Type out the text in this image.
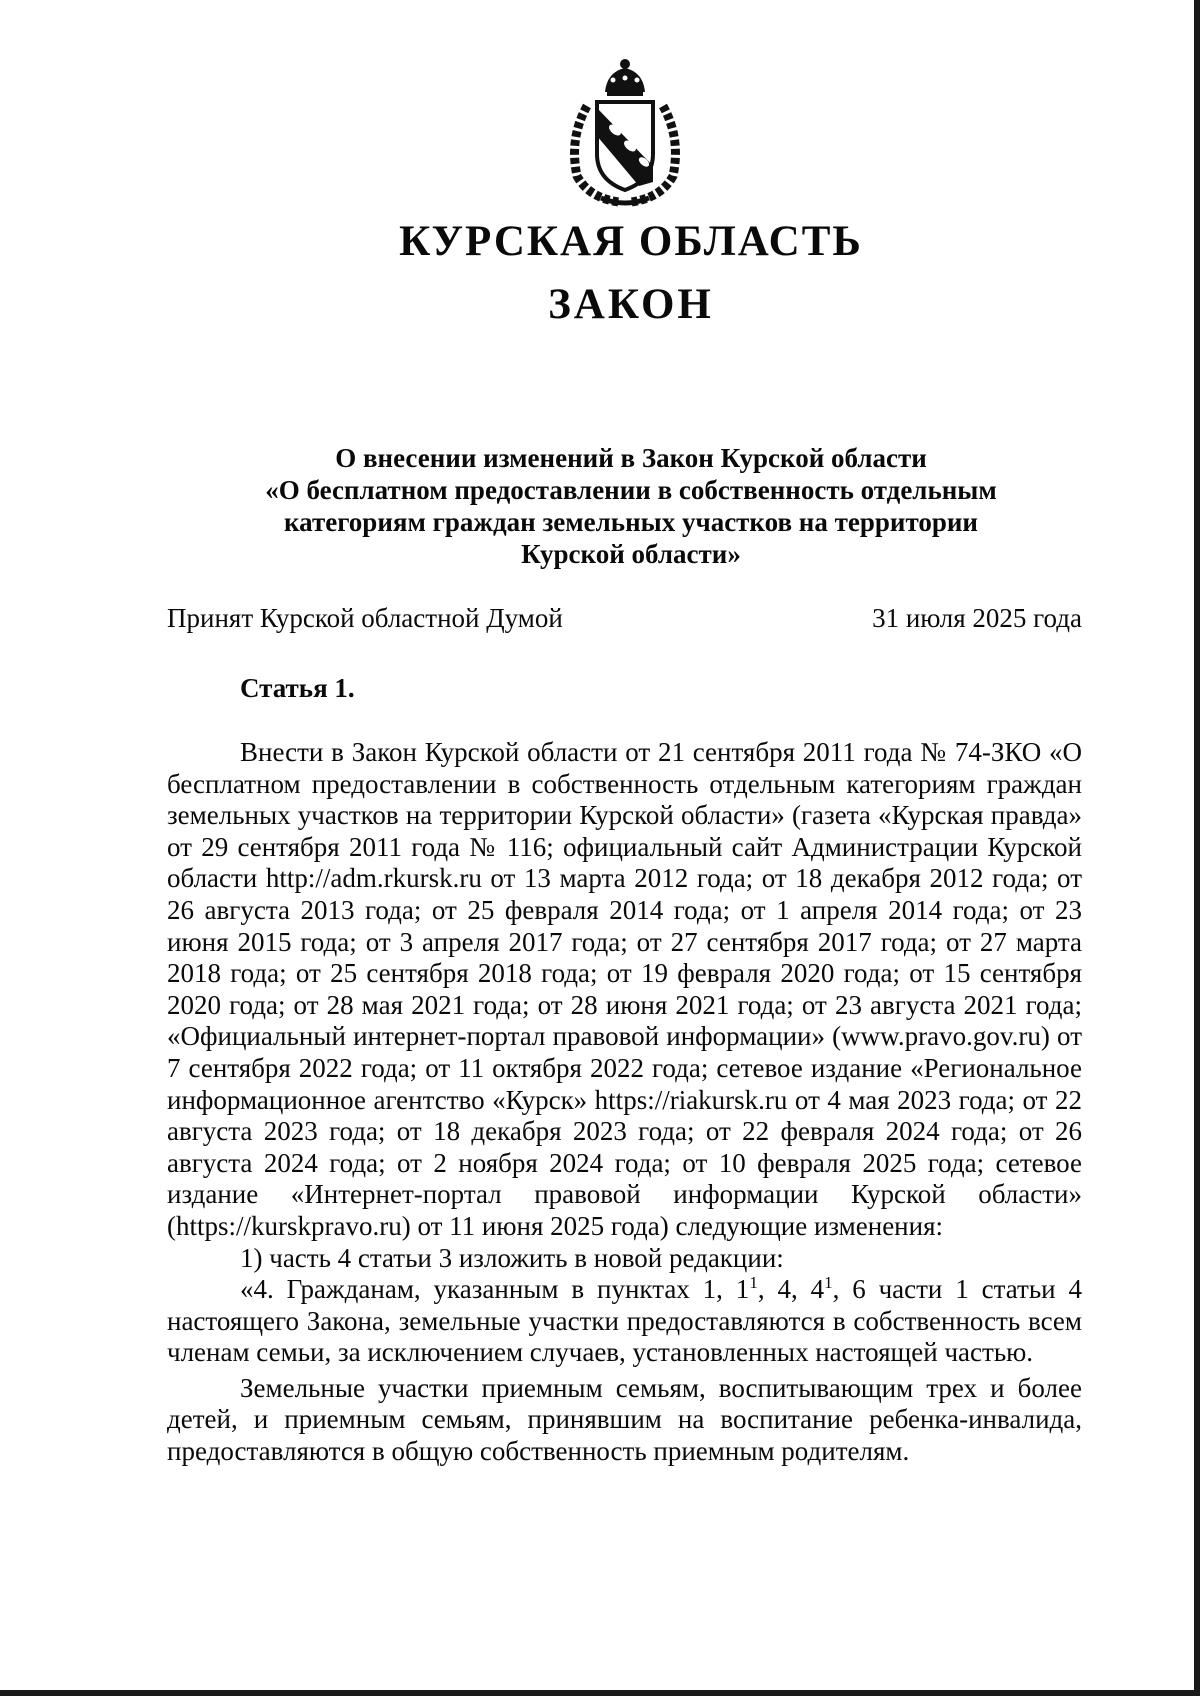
КУРСКАЯ ОБЛАСТЬ
ЗАКОН
О внесении изменений в Закон Курской области
«О бесплатном предоставлении в собственность отдельным
категориям граждан земельных участков на территории
Курской области»
Принят Курской областной Думой	31 июля 2025 года
Статья 1.

Внести в Закон Курской области от 21 сентября 2011 года № 74-ЗКО «О бесплатном предоставлении в собственность отдельным категориям граждан земельных участков на территории Курской области» (газета «Курская правда» от 29 сентября 2011 года № 116; официальный сайт Администрации Курской области http://adm.rkursk.ru от 13 марта 2012 года; от 18 декабря 2012 года; от 26 августа 2013 года; от 25 февраля 2014 года; от 1 апреля 2014 года; от 23 июня 2015 года; от 3 апреля 2017 года; от 27 сентября 2017 года; от 27 марта 2018 года; от 25 сентября 2018 года; от 19 февраля 2020 года; от 15 сентября 2020 года; от 28 мая 2021 года; от 28 июня 2021 года; от 23 августа 2021 года; «Официальный интернет-портал правовой информации» (www.pravo.gov.ru) от 7 сентября 2022 года; от 11 октября 2022 года; сетевое издание «Региональное информационное агентство «Курск» https://riakursk.ru от 4 мая 2023 года; от 22 августа 2023 года; от 18 декабря 2023 года; от 22 февраля 2024 года; от 26 августа 2024 года; от 2 ноября 2024 года; от 10 февраля 2025 года; сетевое издание «Интернет-портал правовой информации Курской области» (https://kurskpravo.ru) от 11 июня 2025 года) следующие изменения:

1) часть 4 статьи 3 изложить в новой редакции:

«4. Гражданам, указанным в пунктах 1, $1^1$, 4, $4^1$, 6 части 1 статьи 4 настоящего Закона, земельные участки предоставляются в собственность всем членам семьи, за исключением случаев, установленных настоящей частью.

Земельные участки приемным семьям, воспитывающим трех и более детей, и приемным семьям, принявшим на воспитание ребенка-инвалида, предоставляются в общую собственность приемным родителям.
